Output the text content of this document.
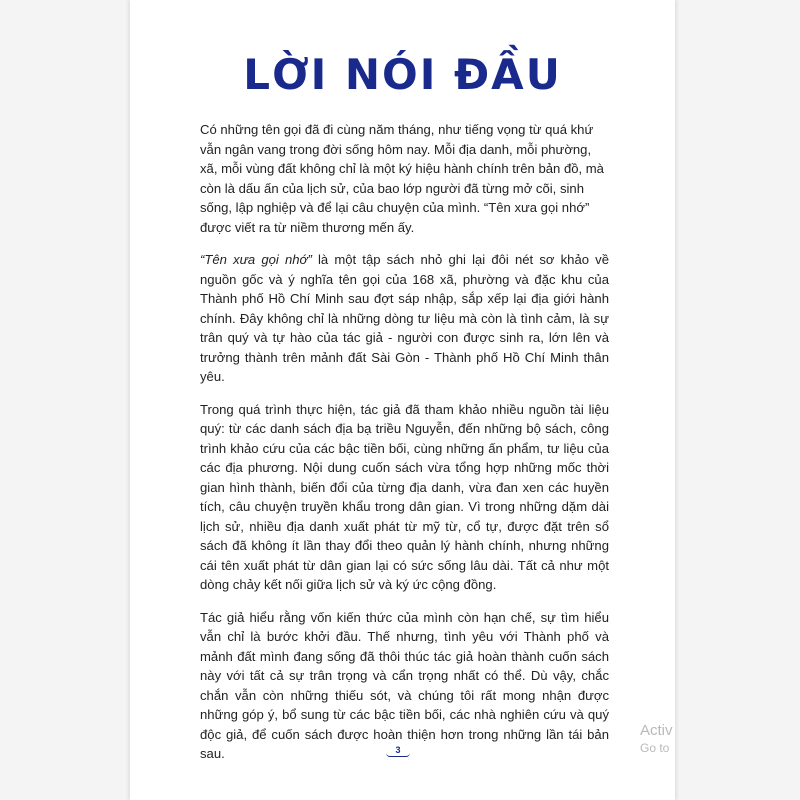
LỜI NÓI ĐẦU

Có những tên gọi đã đi cùng năm tháng, như tiếng vọng từ quá khứ vẫn ngân vang trong đời sống hôm nay. Mỗi địa danh, mỗi phường, xã, mỗi vùng đất không chỉ là một ký hiệu hành chính trên bản đồ, mà còn là dấu ấn của lịch sử, của bao lớp người đã từng mở cõi, sinh sống, lập nghiệp và để lại câu chuyện của mình. “Tên xưa gọi nhớ” được viết ra từ niềm thương mến ấy.

“Tên xưa gọi nhớ” là một tập sách nhỏ ghi lại đôi nét sơ khảo về nguồn gốc và ý nghĩa tên gọi của 168 xã, phường và đặc khu của Thành phố Hồ Chí Minh sau đợt sáp nhập, sắp xếp lại địa giới hành chính. Đây không chỉ là những dòng tư liệu mà còn là tình cảm, là sự trân quý và tự hào của tác giả - người con được sinh ra, lớn lên và trưởng thành trên mảnh đất Sài Gòn - Thành phố Hồ Chí Minh thân yêu.

Trong quá trình thực hiện, tác giả đã tham khảo nhiều nguồn tài liệu quý: từ các danh sách địa bạ triều Nguyễn, đến những bộ sách, công trình khảo cứu của các bậc tiền bối, cùng những ấn phẩm, tư liệu của các địa phương. Nội dung cuốn sách vừa tổng hợp những mốc thời gian hình thành, biến đổi của từng địa danh, vừa đan xen các huyền tích, câu chuyện truyền khẩu trong dân gian. Vì trong những dặm dài lịch sử, nhiều địa danh xuất phát từ mỹ từ, cổ tự, được đặt trên sổ sách đã không ít lần thay đổi theo quản lý hành chính, nhưng những cái tên xuất phát từ dân gian lại có sức sống lâu dài. Tất cả như một dòng chảy kết nối giữa lịch sử và ký ức cộng đồng.

Tác giả hiểu rằng vốn kiến thức của mình còn hạn chế, sự tìm hiểu vẫn chỉ là bước khởi đầu. Thế nhưng, tình yêu với Thành phố và mảnh đất mình đang sống đã thôi thúc tác giả hoàn thành cuốn sách này với tất cả sự trân trọng và cẩn trọng nhất có thể. Dù vậy, chắc chắn vẫn còn những thiếu sót, và chúng tôi rất mong nhận được những góp ý, bổ sung từ các bậc tiền bối, các nhà nghiên cứu và quý độc giả, để cuốn sách được hoàn thiện hơn trong những lần tái bản sau.	3
Activ
Go to
